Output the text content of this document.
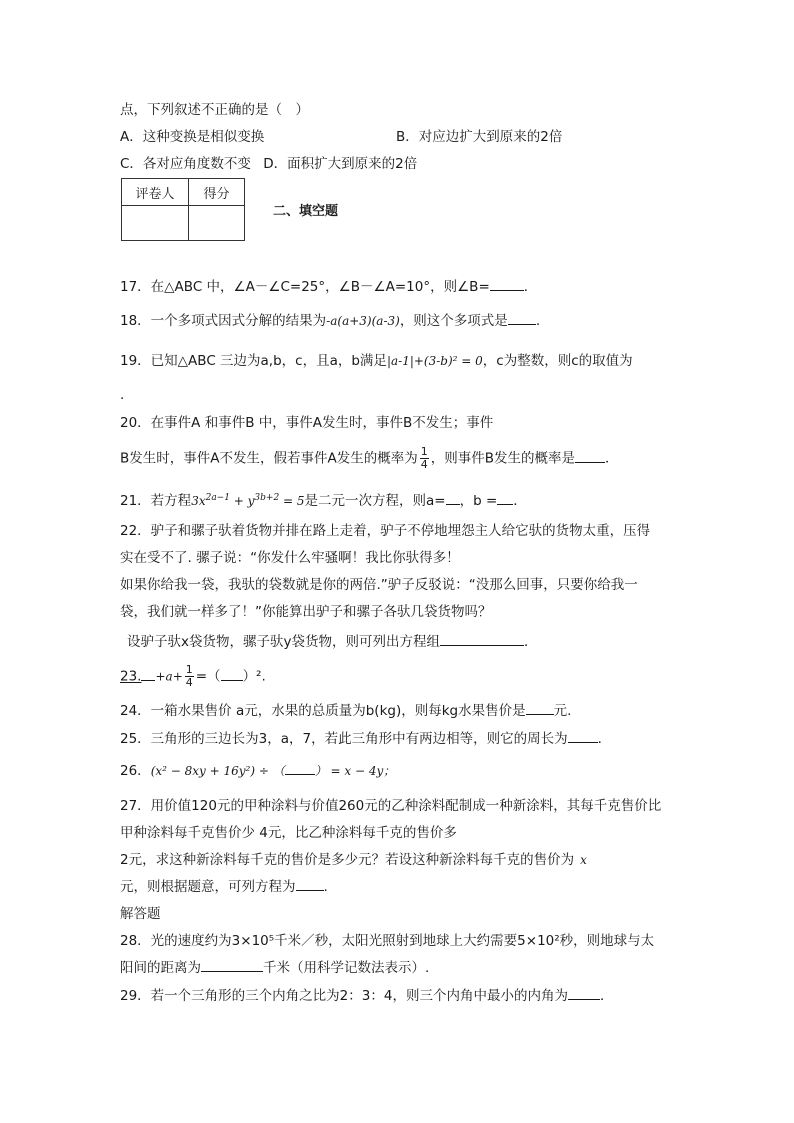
点，下列叙述不正确的是（　）
A．这种变换是相似变换	B．对应边扩大到原来的2倍
C．各对应角度数不变 D．面积扩大到原来的2倍
评卷人	得分

二、填空题
17．在△ABC 中，∠A－∠C=25°，∠B－∠A=10°，则∠B=	．
18．一个多项式因式分解的结果为-a(a+3)(a-3)，则这个多项式是 .
19．已知△ABC 三边为a,b，c，且a，b满足|a-1|+(3-b)² = 0，c为整数，则c的取值为
.
20．在事件A 和事件B 中，事件A发生时，事件B不发生；事件
B发生时，事件A不发生，假若事件A发生的概率为 $\frac{1}{4}$ ，则事件B发生的概率是 ．
21．若方程$3x^{2a-1} + y^{3b+2} = 5$是二元一次方程，则a= ，b = ．
22．驴子和骡子驮着货物并排在路上走着，驴子不停地埋怨主人给它驮的货物太重，压得
实在受不了. 骡子说：“你发什么牢骚啊！我比你驮得多！
如果你给我一袋，我驮的袋数就是你的两倍.”驴子反驳说：“没那么回事，只要你给我一
袋，我们就一样多了！”你能算出驴子和骡子各驮几袋货物吗？
设驴子驮x袋货物，骡子驮y袋货物，则可列出方程组	．
23. $+a+ \frac{1}{4}$ =（ ）².
24．一箱水果售价 a元，水果的总质量为b(kg)，则每kg水果售价是 元.
25．三角形的三边长为3，a，7，若此三角形中有两边相等，则它的周长为 ．
26．(x² − 8xy + 16y²) ÷ （	） = x − 4y；
27．用价值120元的甲种涂料与价值260元的乙种涂料配制成一种新涂料，其每千克售价比
甲种涂料每千克售价少 4元，比乙种涂料每千克的售价多
2元，求这种新涂料每千克的售价是多少元？若设这种新涂料每千克的售价为 x
元，则根据题意，可列方程为 .
解答题
28．光的速度约为3×10⁵千米／秒，太阳光照射到地球上大约需要5×10²秒，则地球与太
阳间的距离为	千米（用科学记数法表示）.
29．若一个三角形的三个内角之比为2：3：4，则三个内角中最小的内角为 ．
